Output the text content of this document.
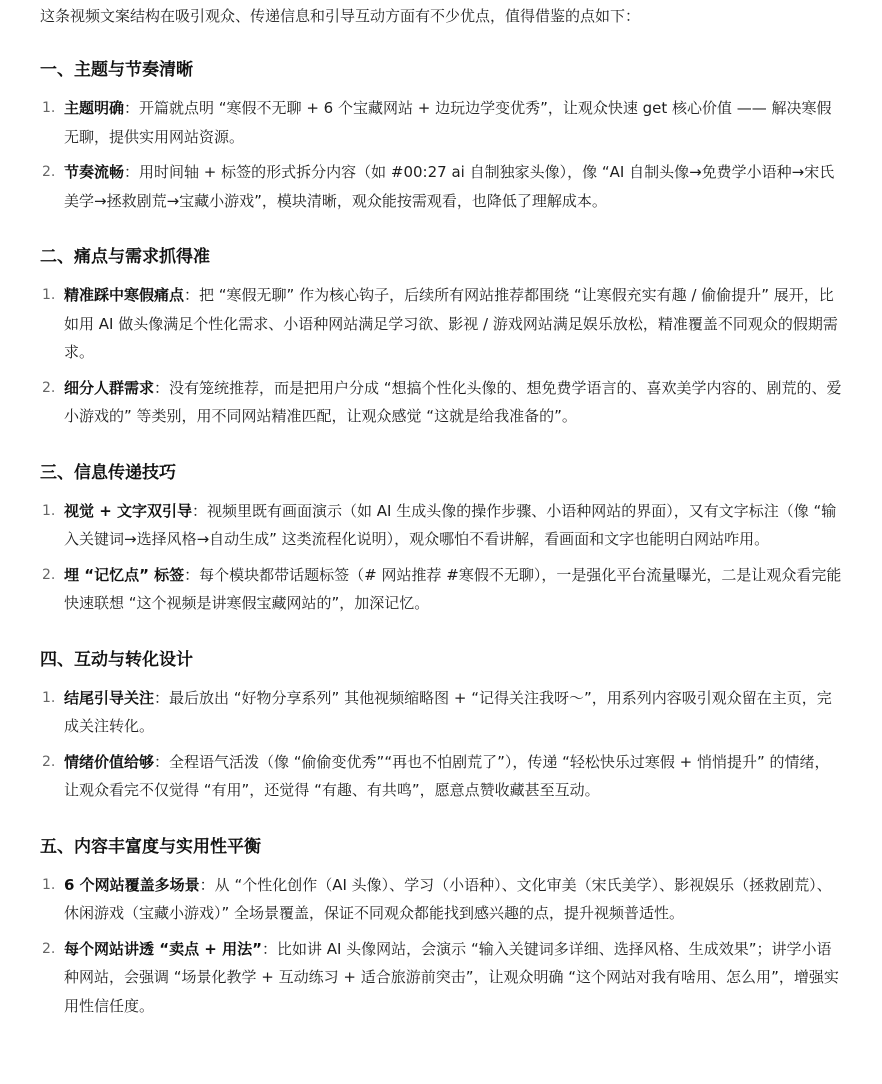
这条视频文案结构在吸引观众、传递信息和引导互动方面有不少优点，值得借鉴的点如下：

一、主题与节奏清晰
1. 主题明确：开篇就点明 “寒假不无聊 + 6 个宝藏网站 + 边玩边学变优秀”，让观众快速 get 核心价值 —— 解决寒假无聊，提供实用网站资源。
2. 节奏流畅：用时间轴 + 标签的形式拆分内容（如 #00:27 ai 自制独家头像），像 “AI 自制头像→免费学小语种→宋氏美学→拯救剧荒→宝藏小游戏”，模块清晰，观众能按需观看，也降低了理解成本。
二、痛点与需求抓得准
1. 精准踩中寒假痛点：把 “寒假无聊” 作为核心钩子，后续所有网站推荐都围绕 “让寒假充实有趣 / 偷偷提升” 展开，比如用 AI 做头像满足个性化需求、小语种网站满足学习欲、影视 / 游戏网站满足娱乐放松，精准覆盖不同观众的假期需求。
2. 细分人群需求：没有笼统推荐，而是把用户分成 “想搞个性化头像的、想免费学语言的、喜欢美学内容的、剧荒的、爱小游戏的” 等类别，用不同网站精准匹配，让观众感觉 “这就是给我准备的”。
三、信息传递技巧
1. 视觉 + 文字双引导：视频里既有画面演示（如 AI 生成头像的操作步骤、小语种网站的界面），又有文字标注（像 “输入关键词→选择风格→自动生成” 这类流程化说明），观众哪怕不看讲解，看画面和文字也能明白网站咋用。
2. 埋 “记忆点” 标签：每个模块都带话题标签（# 网站推荐 #寒假不无聊），一是强化平台流量曝光，二是让观众看完能快速联想 “这个视频是讲寒假宝藏网站的”，加深记忆。
四、互动与转化设计
1. 结尾引导关注：最后放出 “好物分享系列” 其他视频缩略图 + “记得关注我呀～”，用系列内容吸引观众留在主页，完成关注转化。
2. 情绪价值给够：全程语气活泼（像 “偷偷变优秀”“再也不怕剧荒了”），传递 “轻松快乐过寒假 + 悄悄提升” 的情绪，让观众看完不仅觉得 “有用”，还觉得 “有趣、有共鸣”，愿意点赞收藏甚至互动。
五、内容丰富度与实用性平衡
1. 6 个网站覆盖多场景：从 “个性化创作（AI 头像）、学习（小语种）、文化审美（宋氏美学）、影视娱乐（拯救剧荒）、休闲游戏（宝藏小游戏）” 全场景覆盖，保证不同观众都能找到感兴趣的点，提升视频普适性。
2. 每个网站讲透 “卖点 + 用法”：比如讲 AI 头像网站，会演示 “输入关键词多详细、选择风格、生成效果”；讲学小语种网站，会强调 “场景化教学 + 互动练习 + 适合旅游前突击”，让观众明确 “这个网站对我有啥用、怎么用”，增强实用性信任度。
